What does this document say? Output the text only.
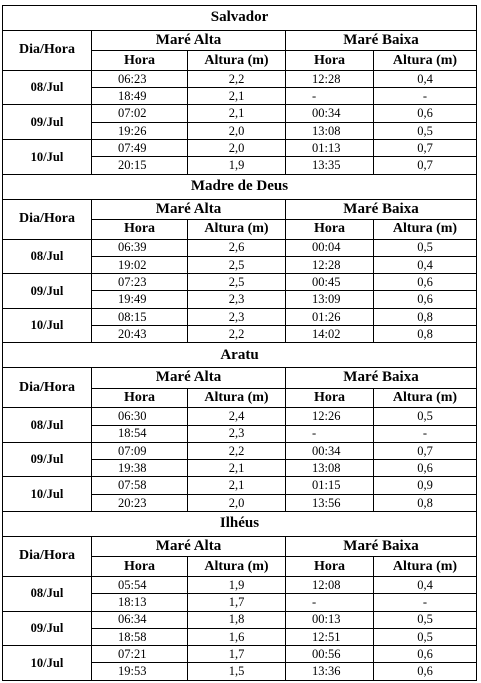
Salvador				
Dia/Hora	Maré Alta		Maré Baixa	
	Hora	Altura (m)	Hora	Altura (m)
08/Jul	06:23	2,2	12:28	0,4
	18:49	2,1	-	-
09/Jul	07:02	2,1	00:34	0,6
	19:26	2,0	13:08	0,5
10/Jul	07:49	2,0	01:13	0,7
	20:15	1,9	13:35	0,7
Madre de Deus				
Dia/Hora	Maré Alta		Maré Baixa	
	Hora	Altura (m)	Hora	Altura (m)
08/Jul	06:39	2,6	00:04	0,5
	19:02	2,5	12:28	0,4
09/Jul	07:23	2,5	00:45	0,6
	19:49	2,3	13:09	0,6
10/Jul	08:15	2,3	01:26	0,8
	20:43	2,2	14:02	0,8
Aratu				
Dia/Hora	Maré Alta		Maré Baixa	
	Hora	Altura (m)	Hora	Altura (m)
08/Jul	06:30	2,4	12:26	0,5
	18:54	2,3	-	-
09/Jul	07:09	2,2	00:34	0,7
	19:38	2,1	13:08	0,6
10/Jul	07:58	2,1	01:15	0,9
	20:23	2,0	13:56	0,8
Ilhéus				
Dia/Hora	Maré Alta		Maré Baixa	
	Hora	Altura (m)	Hora	Altura (m)
08/Jul	05:54	1,9	12:08	0,4
	18:13	1,7	-	-
09/Jul	06:34	1,8	00:13	0,5
	18:58	1,6	12:51	0,5
10/Jul	07:21	1,7	00:56	0,6
	19:53	1,5	13:36	0,6
